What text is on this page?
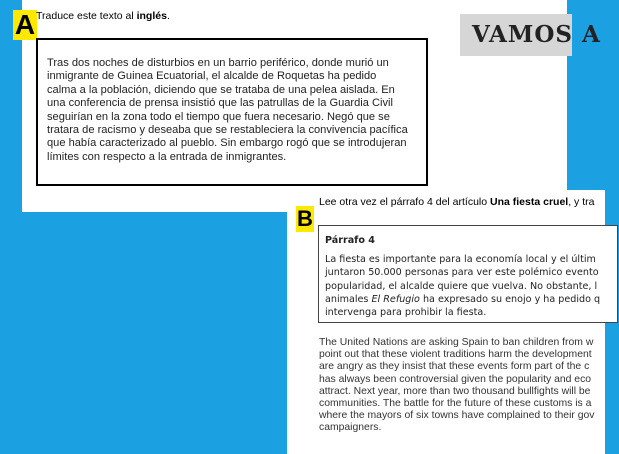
A Traduce este texto al inglés.
Tras dos noches de disturbios en un barrio periférico, donde murió un
inmigrante de Guinea Ecuatorial, el alcalde de Roquetas ha pedido
calma a la población, diciendo que se trataba de una pelea aislada. En
una conferencia de prensa insistió que las patrullas de la Guardia Civil
seguirían en la zona todo el tiempo que fuera necesario. Negó que se
tratara de racismo y deseaba que se restableciera la convivencia pacífica
que había caracterizado al pueblo. Sin embargo rogó que se introdujeran
límites con respecto a la entrada de inmigrantes.
VAMOS A
B
Lee otra vez el párrafo 4 del artículo Una fiesta cruel, y tra
Párrafo 4
La fiesta es importante para la economía local y el últim
juntaron 50.000 personas para ver este polémico evento
popularidad, el alcalde quiere que vuelva. No obstante, l
animales El Refugio ha expresado su enojo y ha pedido q
intervenga para prohibir la fiesta.
The United Nations are asking Spain to ban children from w
point out that these violent traditions harm the development
are angry as they insist that these events form part of the c
has always been controversial given the popularity and eco
attract. Next year, more than two thousand bullfights will be
communities. The battle for the future of these customs is a
where the mayors of six towns have complained to their gov
campaigners.
